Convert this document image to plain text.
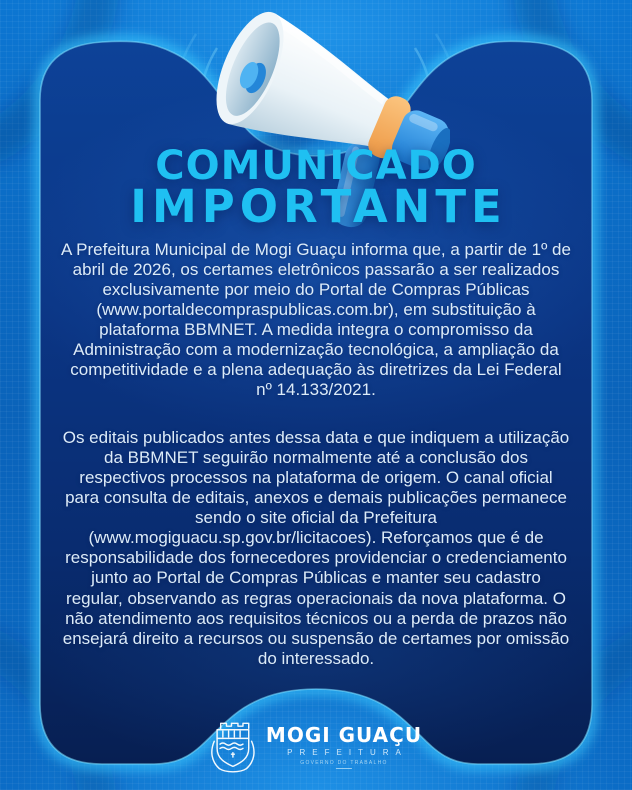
COMUNICADO
IMPORTANTE

A Prefeitura Municipal de Mogi Guaçu informa que, a partir de 1º de abril de 2026, os certames eletrônicos passarão a ser realizados exclusivamente por meio do Portal de Compras Públicas (www.portaldecompraspublicas.com.br), em substituição à plataforma BBMNET. A medida integra o compromisso da Administração com a modernização tecnológica, a ampliação da competitividade e a plena adequação às diretrizes da Lei Federal nº 14.133/2021.

Os editais publicados antes dessa data e que indiquem a utilização da BBMNET seguirão normalmente até a conclusão dos respectivos processos na plataforma de origem. O canal oficial para consulta de editais, anexos e demais publicações permanece sendo o site oficial da Prefeitura (www.mogiguacu.sp.gov.br/licitacoes). Reforçamos que é de responsabilidade dos fornecedores providenciar o credenciamento junto ao Portal de Compras Públicas e manter seu cadastro regular, observando as regras operacionais da nova plataforma. O não atendimento aos requisitos técnicos ou a perda de prazos não ensejará direito a recursos ou suspensão de certames por omissão do interessado.

MOGI GUAÇU
PREFEITURA
GOVERNO DO TRABALHO
